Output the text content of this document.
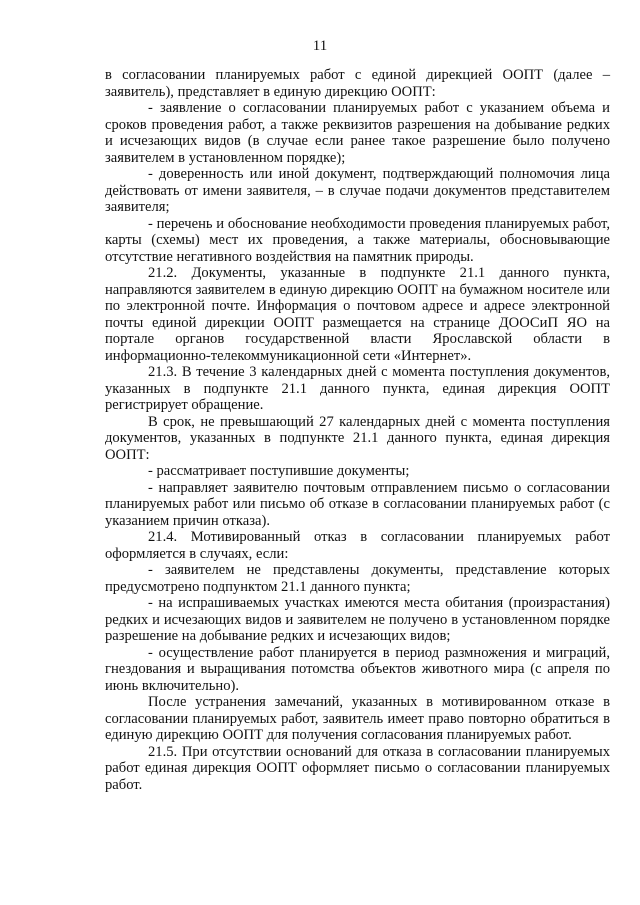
11

в согласовании планируемых работ с единой дирекцией ООПТ (далее – заявитель), представляет в единую дирекцию ООПТ:

- заявление о согласовании планируемых работ с указанием объема и сроков проведения работ, а также реквизитов разрешения на добывание редких и исчезающих видов (в случае если ранее такое разрешение было получено заявителем в установленном порядке);

- доверенность или иной документ, подтверждающий полномочия лица действовать от имени заявителя, – в случае подачи документов представителем заявителя;

- перечень и обоснование необходимости проведения планируемых работ, карты (схемы) мест их проведения, а также материалы, обосновывающие отсутствие негативного воздействия на памятник природы.

21.2. Документы, указанные в подпункте 21.1 данного пункта, направляются заявителем в единую дирекцию ООПТ на бумажном носителе или по электронной почте. Информация о почтовом адресе и адресе электронной почты единой дирекции ООПТ размещается на странице ДООСиП ЯО на портале органов государственной власти Ярославской области в информационно-телекоммуникационной сети «Интернет».

21.3. В течение 3 календарных дней с момента поступления документов, указанных в подпункте 21.1 данного пункта, единая дирекция ООПТ регистрирует обращение.

В срок, не превышающий 27 календарных дней с момента поступления документов, указанных в подпункте 21.1 данного пункта, единая дирекция ООПТ:

- рассматривает поступившие документы;

- направляет заявителю почтовым отправлением письмо о согласовании планируемых работ или письмо об отказе в согласовании планируемых работ (с указанием причин отказа).

21.4. Мотивированный отказ в согласовании планируемых работ оформляется в случаях, если:

- заявителем не представлены документы, представление которых предусмотрено подпунктом 21.1 данного пункта;

- на испрашиваемых участках имеются места обитания (произрастания) редких и исчезающих видов и заявителем не получено в установленном порядке разрешение на добывание редких и исчезающих видов;

- осуществление работ планируется в период размножения и миграций, гнездования и выращивания потомства объектов животного мира (с апреля по июнь включительно).

После устранения замечаний, указанных в мотивированном отказе в согласовании планируемых работ, заявитель имеет право повторно обратиться в единую дирекцию ООПТ для получения согласования планируемых работ.

21.5. При отсутствии оснований для отказа в согласовании планируемых работ единая дирекция ООПТ оформляет письмо о согласовании планируемых работ.
